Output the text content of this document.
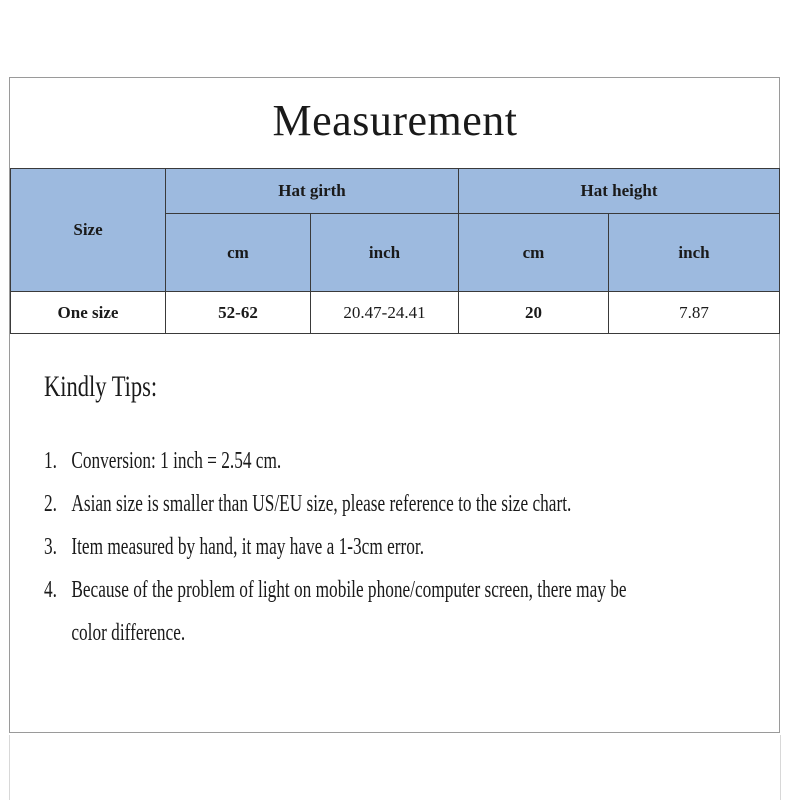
Measurement
Size	Hat girth		Hat height	
	cm	inch	cm	inch
One size	52-62	20.47-24.41	20	7.87
Kindly Tips:
1. Conversion: 1 inch = 2.54 cm.
2. Asian size is smaller than US/EU size, please reference to the size chart.
3. Item measured by hand, it may have a 1-3cm error.
4. Because of the problem of light on mobile phone/computer screen, there may be
color difference.
